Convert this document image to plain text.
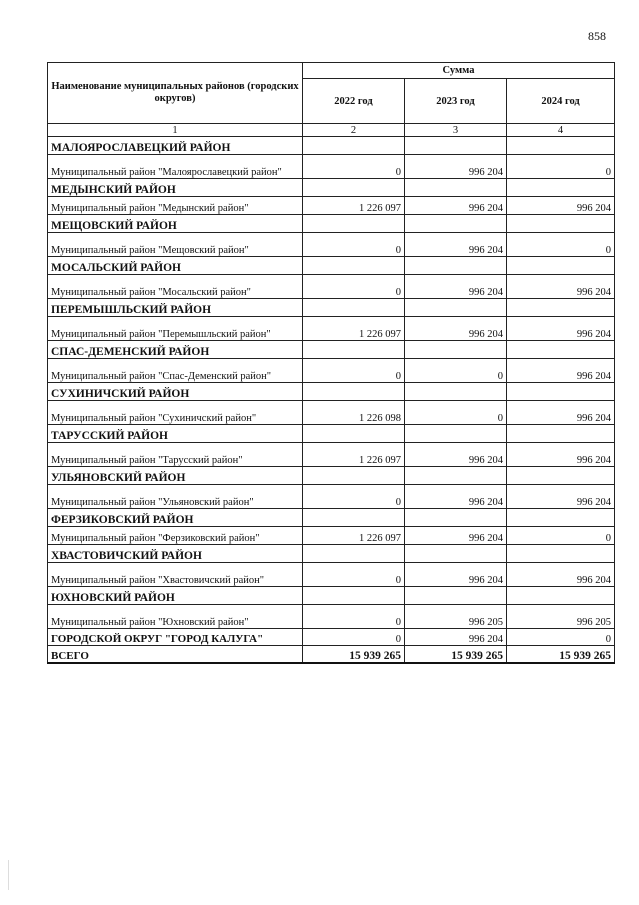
858
Наименование муниципальных районов (городских округов)	Сумма		
	2022 год	2023 год	2024 год
1	2	3	4
МАЛОЯРОСЛАВЕЦКИЙ РАЙОН			
Муниципальный район "Малоярославецкий район"	0	996 204	0
МЕДЫНСКИЙ РАЙОН			
Муниципальный район "Медынский район"	1 226 097	996 204	996 204
МЕЩОВСКИЙ РАЙОН			
Муниципальный район "Мещовский район"	0	996 204	0
МОСАЛЬСКИЙ РАЙОН			
Муниципальный район "Мосальский район"	0	996 204	996 204
ПЕРЕМЫШЛЬСКИЙ РАЙОН			
Муниципальный район "Перемышльский район"	1 226 097	996 204	996 204
СПАС-ДЕМЕНСКИЙ РАЙОН			
Муниципальный район "Спас-Деменский район"	0	0	996 204
СУХИНИЧСКИЙ РАЙОН			
Муниципальный район "Сухиничский район"	1 226 098	0	996 204
ТАРУССКИЙ РАЙОН			
Муниципальный район "Тарусский район"	1 226 097	996 204	996 204
УЛЬЯНОВСКИЙ РАЙОН			
Муниципальный район "Ульяновский район"	0	996 204	996 204
ФЕРЗИКОВСКИЙ РАЙОН			
Муниципальный район "Ферзиковский район"	1 226 097	996 204	0
ХВАСТОВИЧСКИЙ РАЙОН			
Муниципальный район "Хвастовичский район"	0	996 204	996 204
ЮХНОВСКИЙ РАЙОН			
Муниципальный район "Юхновский район"	0	996 205	996 205
ГОРОДСКОЙ ОКРУГ "ГОРОД КАЛУГА"	0	996 204	0
ВСЕГО	15 939 265	15 939 265	15 939 265
